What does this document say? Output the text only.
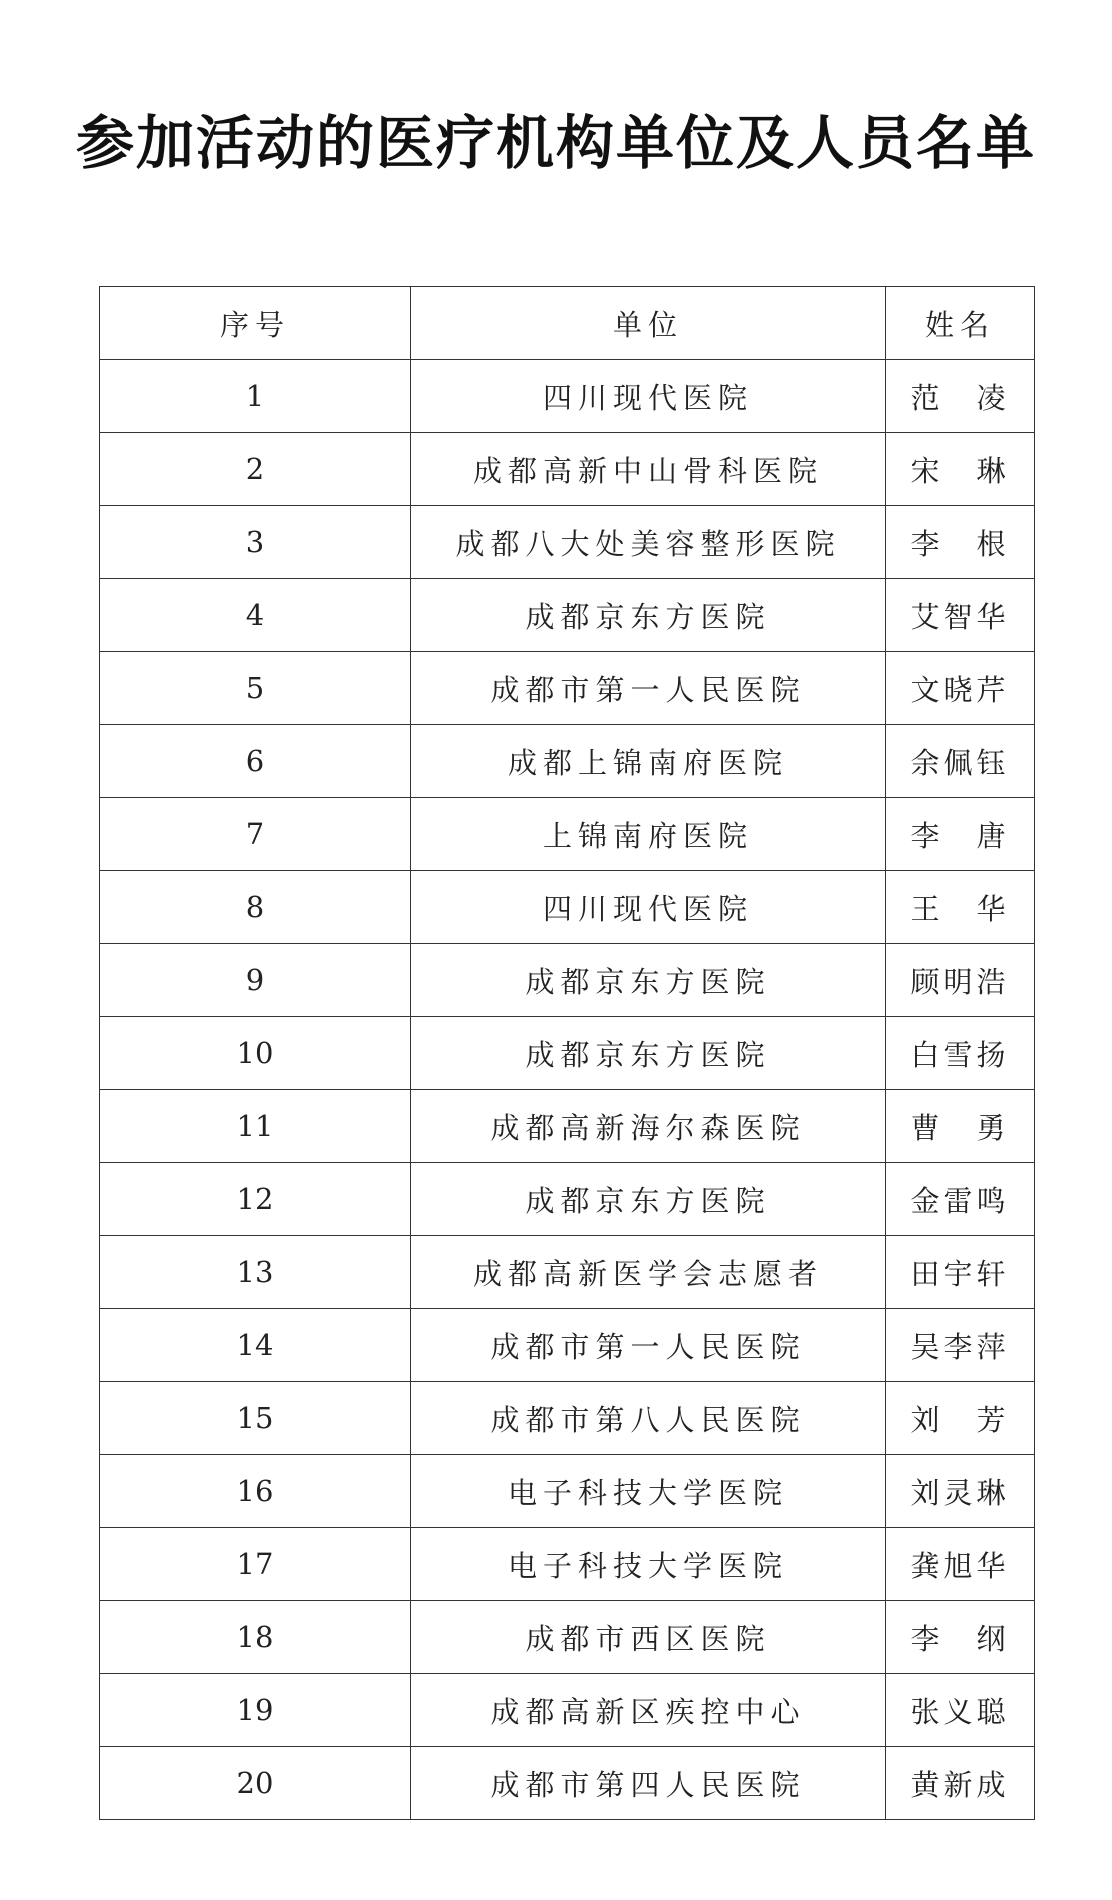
参加活动的医疗机构单位及人员名单
序号	单位	姓名
1	四川现代医院	范　凌
2	成都高新中山骨科医院	宋　琳
3	成都八大处美容整形医院	李　根
4	成都京东方医院	艾智华
5	成都市第一人民医院	文晓芹
6	成都上锦南府医院	余佩钰
7	上锦南府医院	李　唐
8	四川现代医院	王　华
9	成都京东方医院	顾明浩
10	成都京东方医院	白雪扬
11	成都高新海尔森医院	曹　勇
12	成都京东方医院	金雷鸣
13	成都高新医学会志愿者	田宇轩
14	成都市第一人民医院	吴李萍
15	成都市第八人民医院	刘　芳
16	电子科技大学医院	刘灵琳
17	电子科技大学医院	龚旭华
18	成都市西区医院	李　纲
19	成都高新区疾控中心	张义聪
20	成都市第四人民医院	黄新成
